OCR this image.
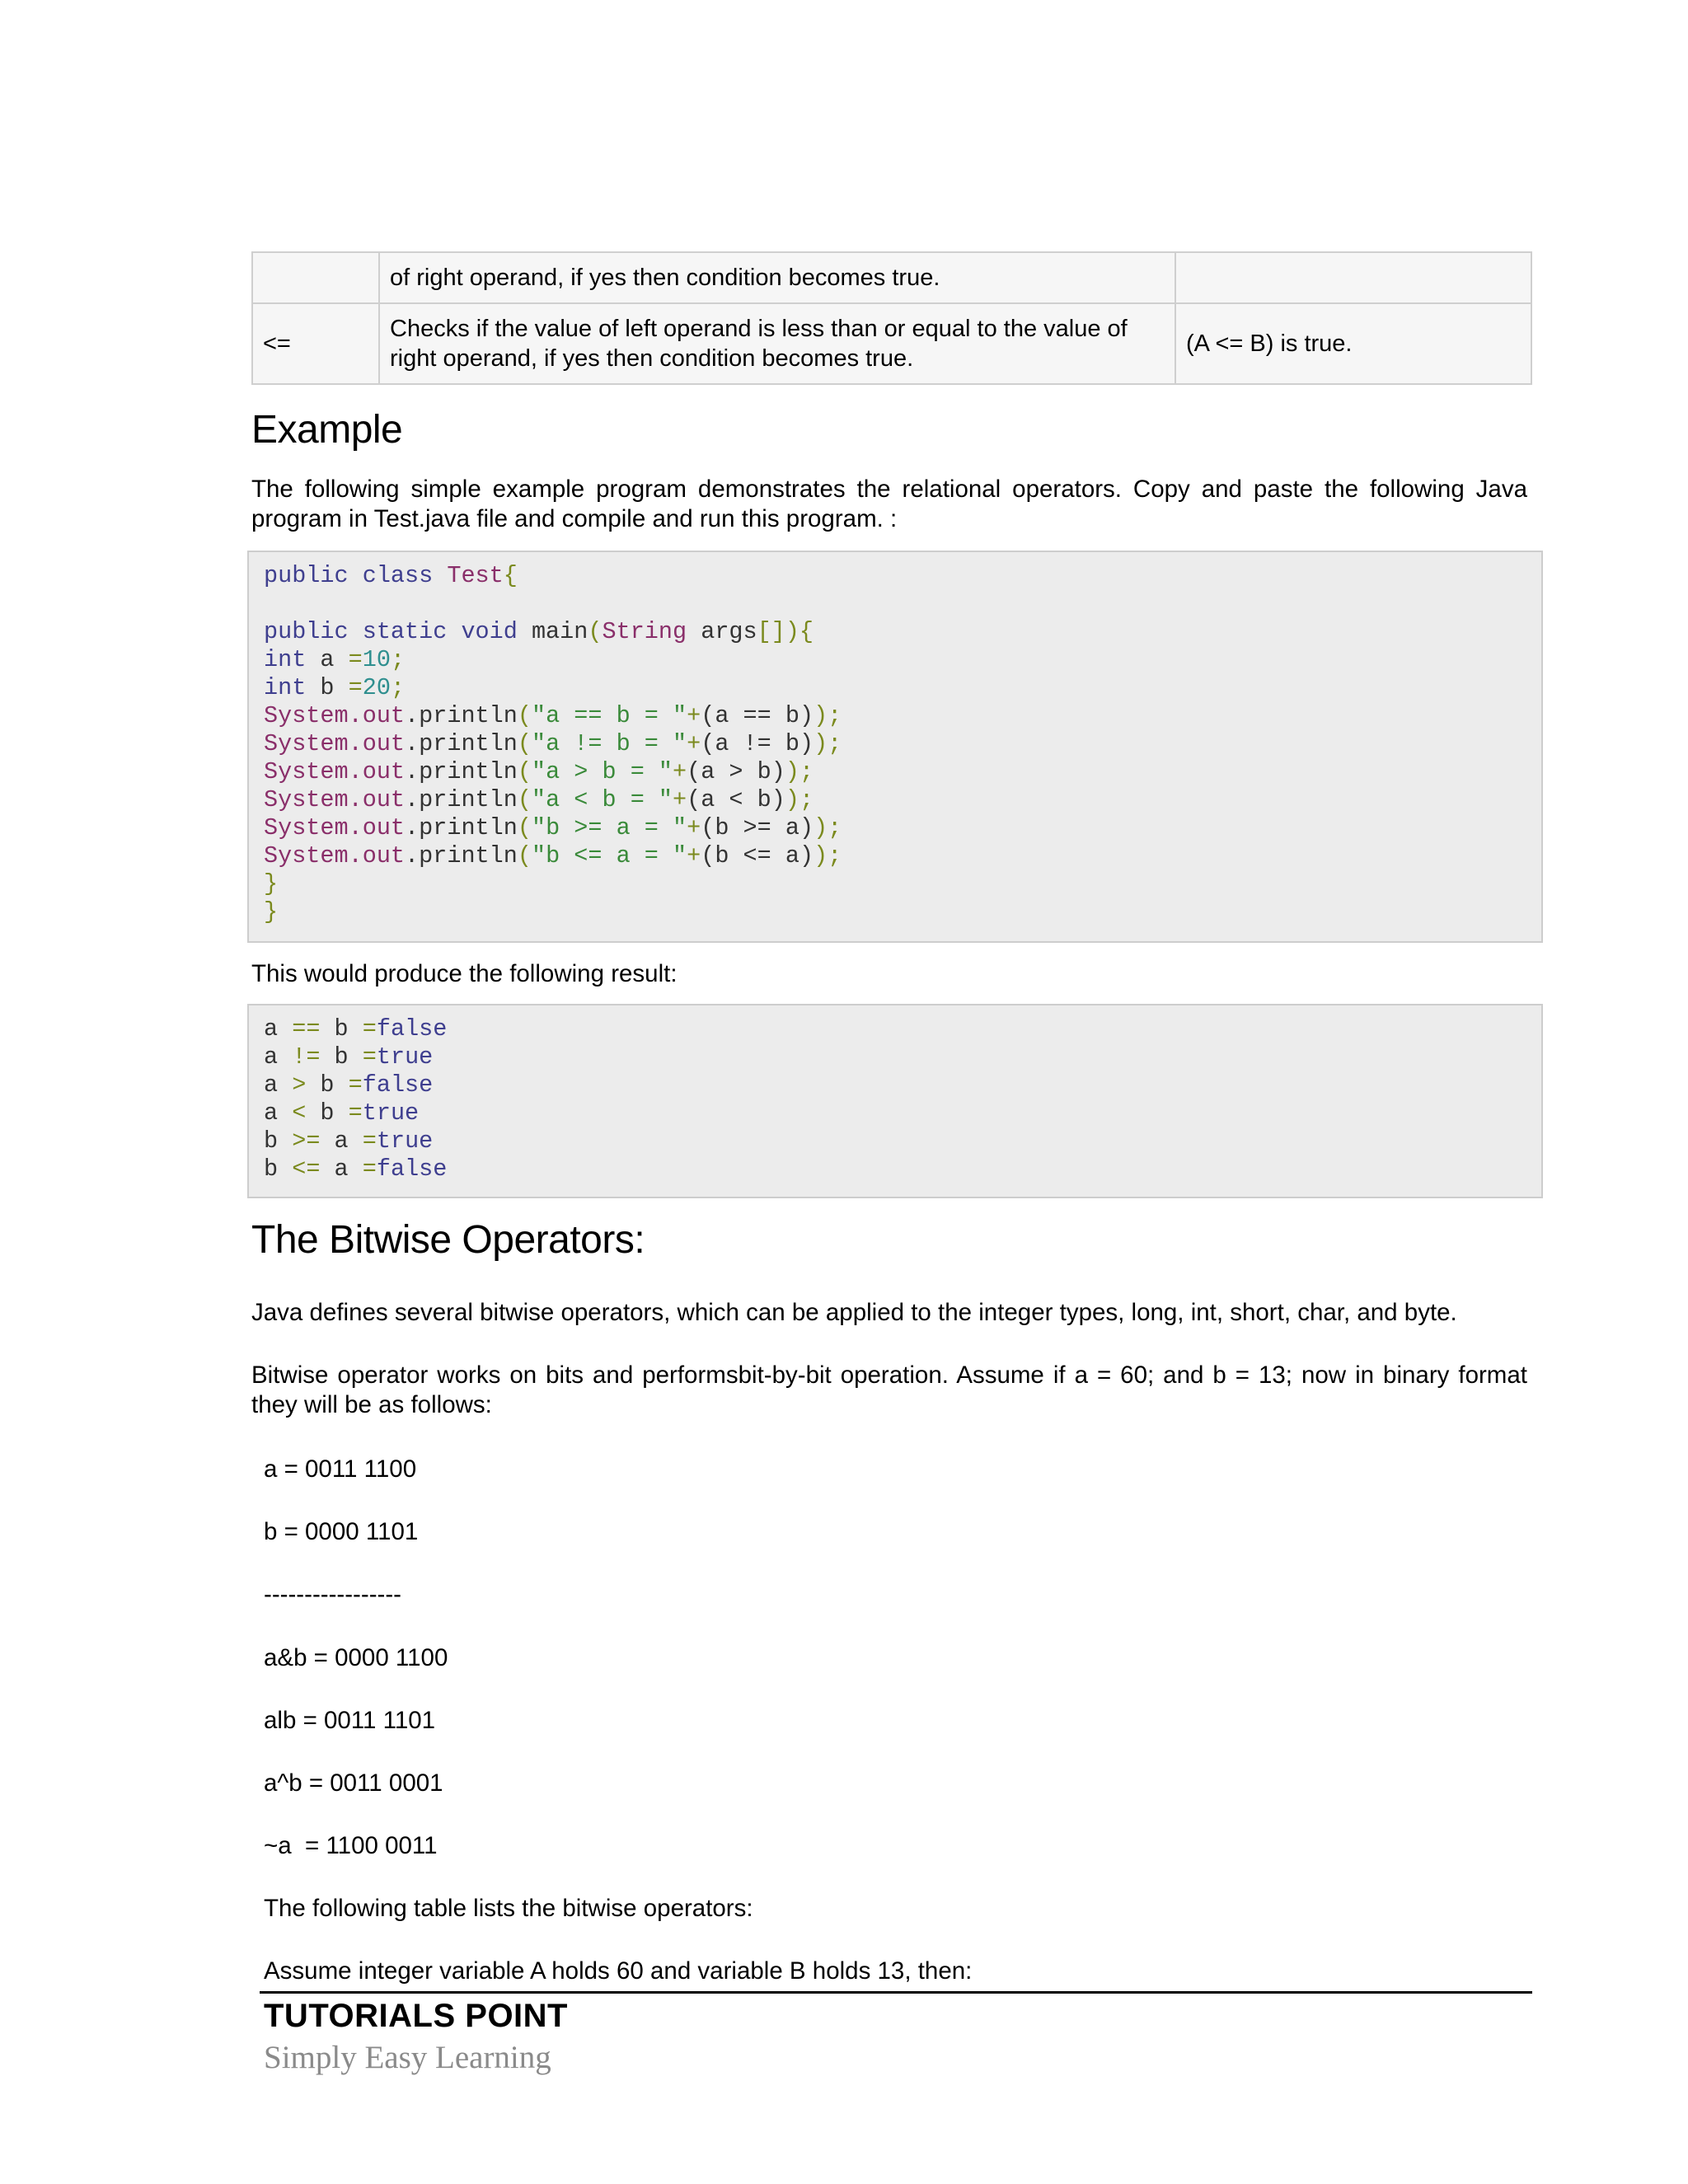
	of right operand, if yes then condition becomes true.	
<=	Checks if the value of left operand is less than or equal to the value of right operand, if yes then condition becomes true.	(A <= B) is true.
Example

The following simple example program demonstrates the relational operators. Copy and paste the following Java program in Test.java file and compile and run this program. :

public class Test{

public static void main(String args[]){
int a =10;
int b =20;
System.out.println("a == b = "+(a == b));
System.out.println("a != b = "+(a != b));
System.out.println("a > b = "+(a > b));
System.out.println("a < b = "+(a < b));
System.out.println("b >= a = "+(b >= a));
System.out.println("b <= a = "+(b <= a));
}
}

This would produce the following result:

a == b =false
a != b =true
a > b =false
a < b =true
b >= a =true
b <= a =false
The Bitwise Operators:

Java defines several bitwise operators, which can be applied to the integer types, long, int, short, char, and byte.

Bitwise operator works on bits and performsbit-by-bit operation. Assume if a = 60; and b = 13; now in binary format they will be as follows:

a = 0011 1100

b = 0000 1101

-----------------

a&b = 0000 1100

alb = 0011 1101

a^b = 0011 0001

~a  = 1100 0011

The following table lists the bitwise operators:

Assume integer variable A holds 60 and variable B holds 13, then:

TUTORIALS POINT

Simply Easy Learning
